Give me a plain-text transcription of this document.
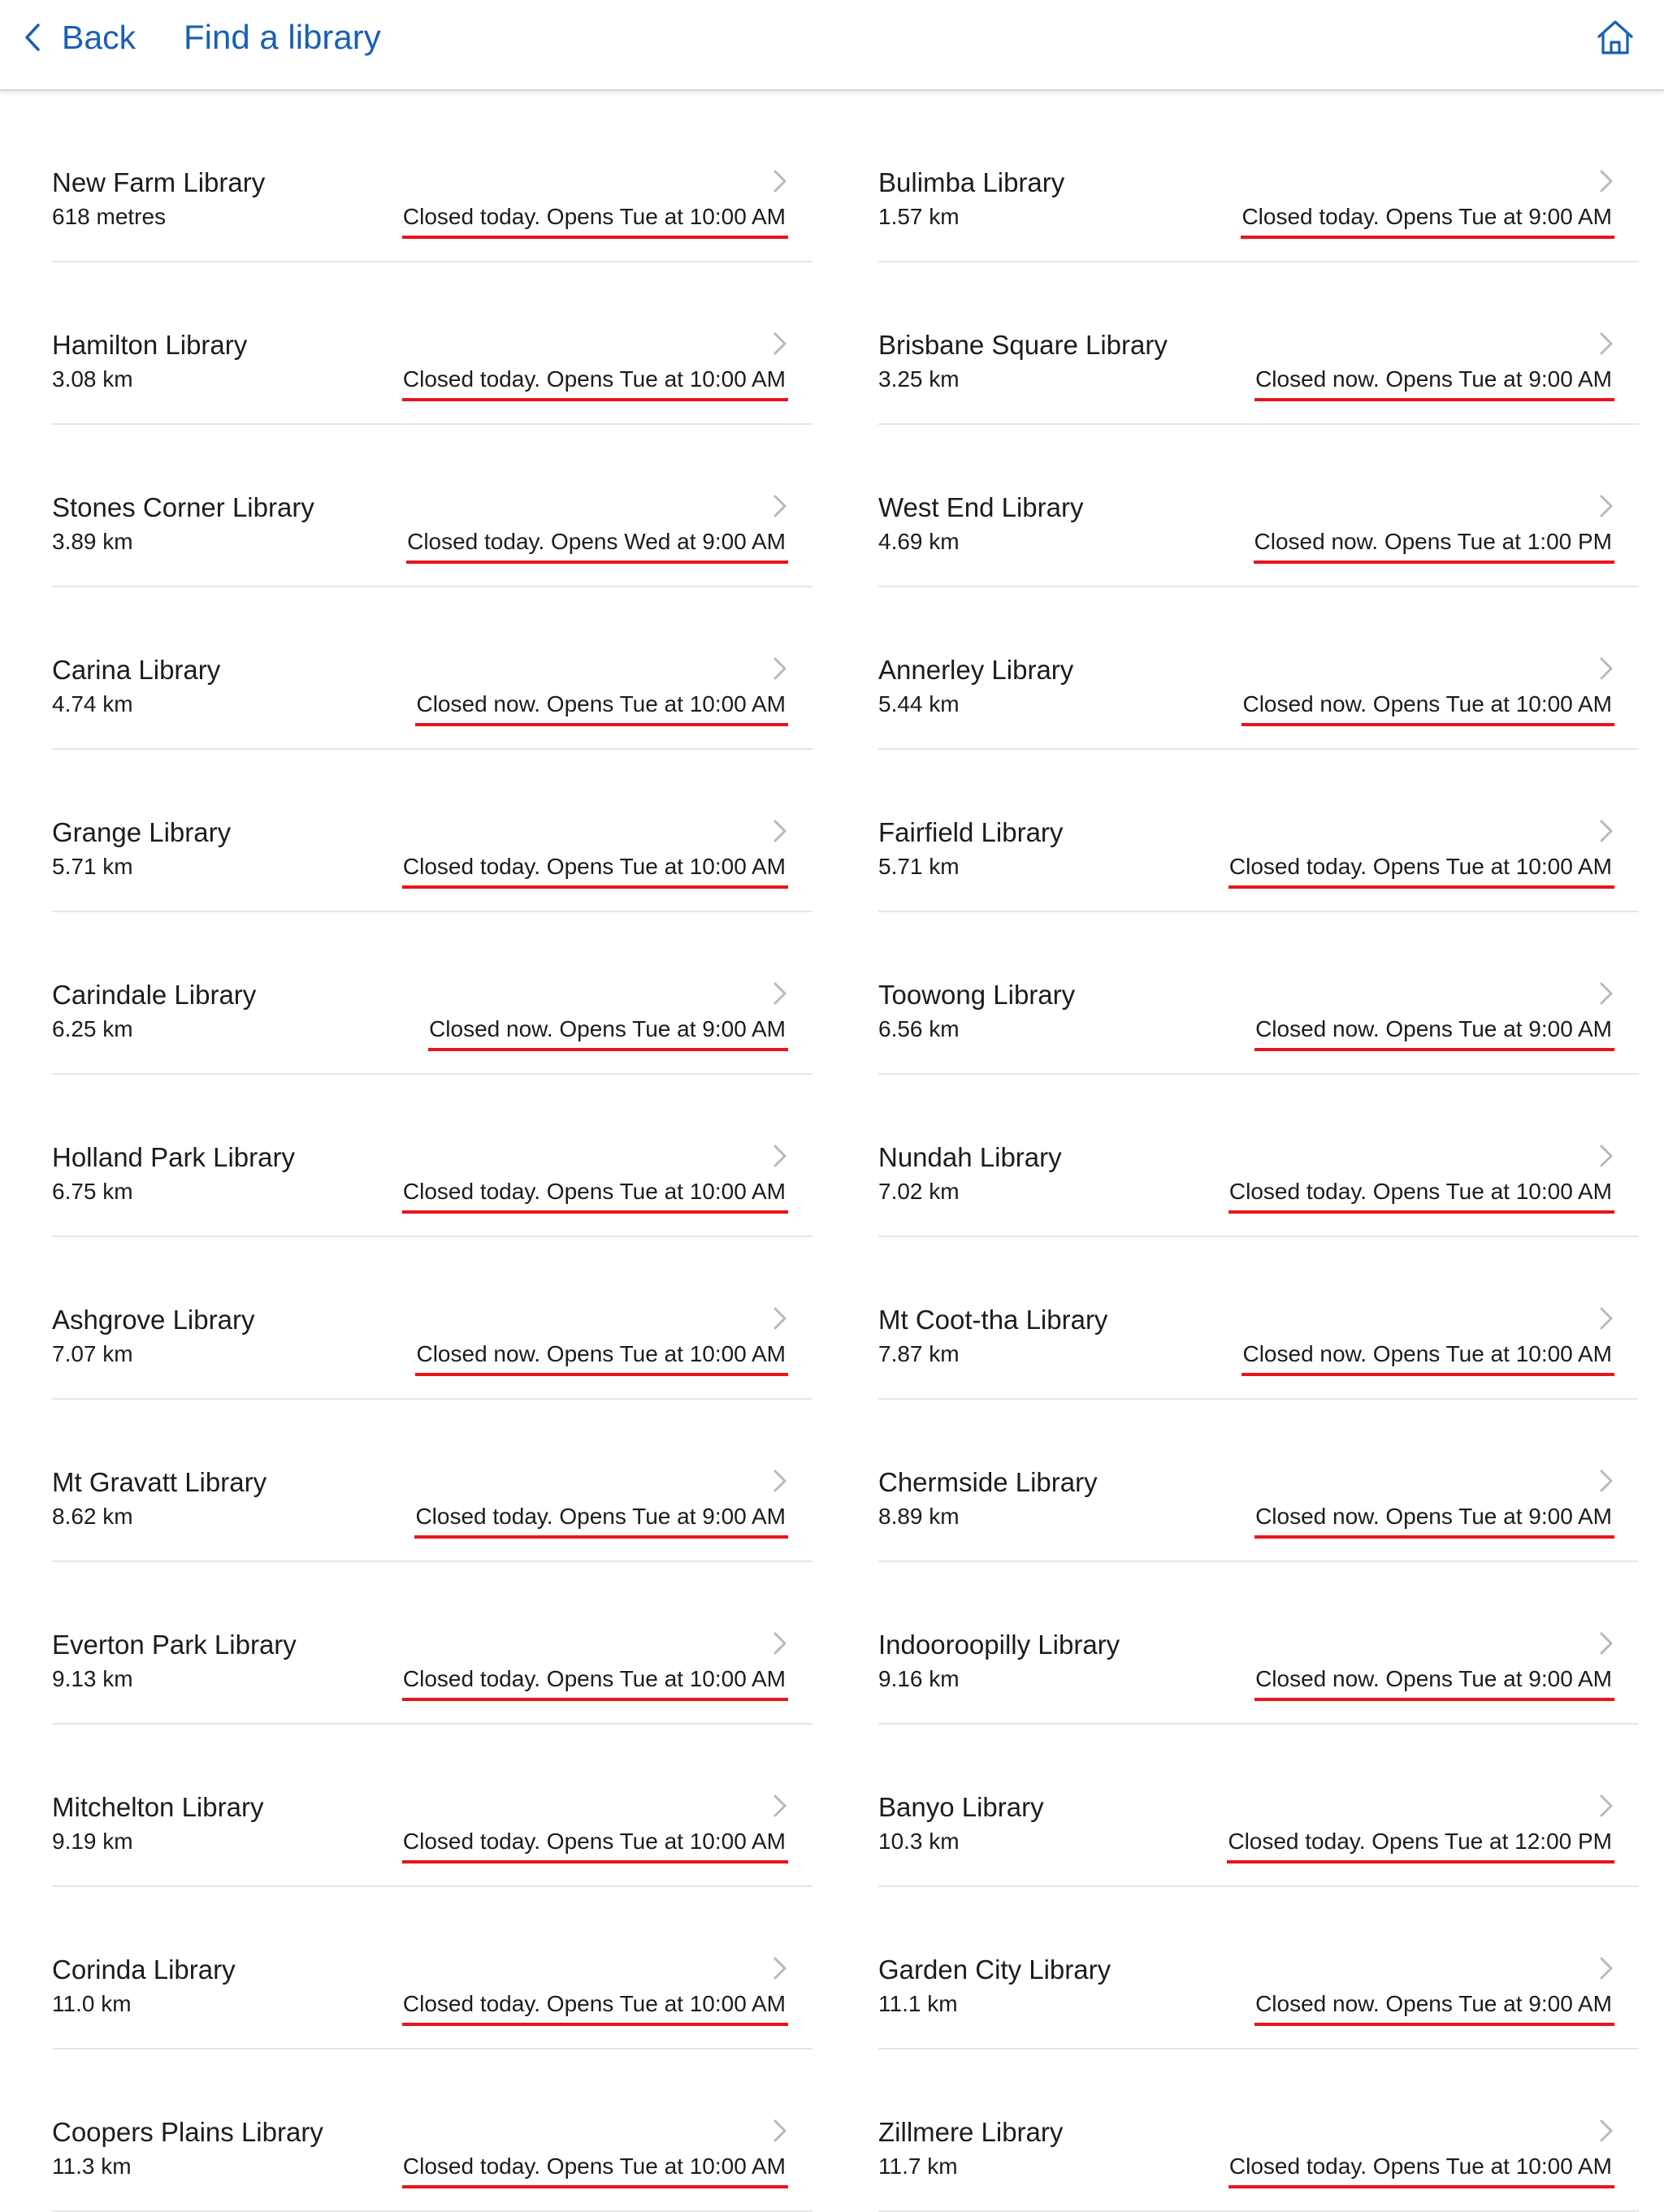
Back Find a library
New Farm Library
618 metres	Closed today. Opens Tue at 10:00 AM
Hamilton Library
3.08 km	Closed today. Opens Tue at 10:00 AM
Stones Corner Library
3.89 km	Closed today. Opens Wed at 9:00 AM
Carina Library
4.74 km	Closed now. Opens Tue at 10:00 AM
Grange Library
5.71 km	Closed today. Opens Tue at 10:00 AM
Carindale Library
6.25 km	Closed now. Opens Tue at 9:00 AM
Holland Park Library
6.75 km	Closed today. Opens Tue at 10:00 AM
Ashgrove Library
7.07 km	Closed now. Opens Tue at 10:00 AM
Mt Gravatt Library
8.62 km	Closed today. Opens Tue at 9:00 AM
Everton Park Library
9.13 km	Closed today. Opens Tue at 10:00 AM
Mitchelton Library
9.19 km	Closed today. Opens Tue at 10:00 AM
Corinda Library
11.0 km	Closed today. Opens Tue at 10:00 AM
Coopers Plains Library
11.3 km	Closed today. Opens Tue at 10:00 AM
Bulimba Library
1.57 km	Closed today. Opens Tue at 9:00 AM
Brisbane Square Library
3.25 km	Closed now. Opens Tue at 9:00 AM
West End Library
4.69 km	Closed now. Opens Tue at 1:00 PM
Annerley Library
5.44 km	Closed now. Opens Tue at 10:00 AM
Fairfield Library
5.71 km	Closed today. Opens Tue at 10:00 AM
Toowong Library
6.56 km	Closed now. Opens Tue at 9:00 AM
Nundah Library
7.02 km	Closed today. Opens Tue at 10:00 AM
Mt Coot-tha Library
7.87 km	Closed now. Opens Tue at 10:00 AM
Chermside Library
8.89 km	Closed now. Opens Tue at 9:00 AM
Indooroopilly Library
9.16 km	Closed now. Opens Tue at 9:00 AM
Banyo Library
10.3 km	Closed today. Opens Tue at 12:00 PM
Garden City Library
11.1 km	Closed now. Opens Tue at 9:00 AM
Zillmere Library
11.7 km	Closed today. Opens Tue at 10:00 AM
